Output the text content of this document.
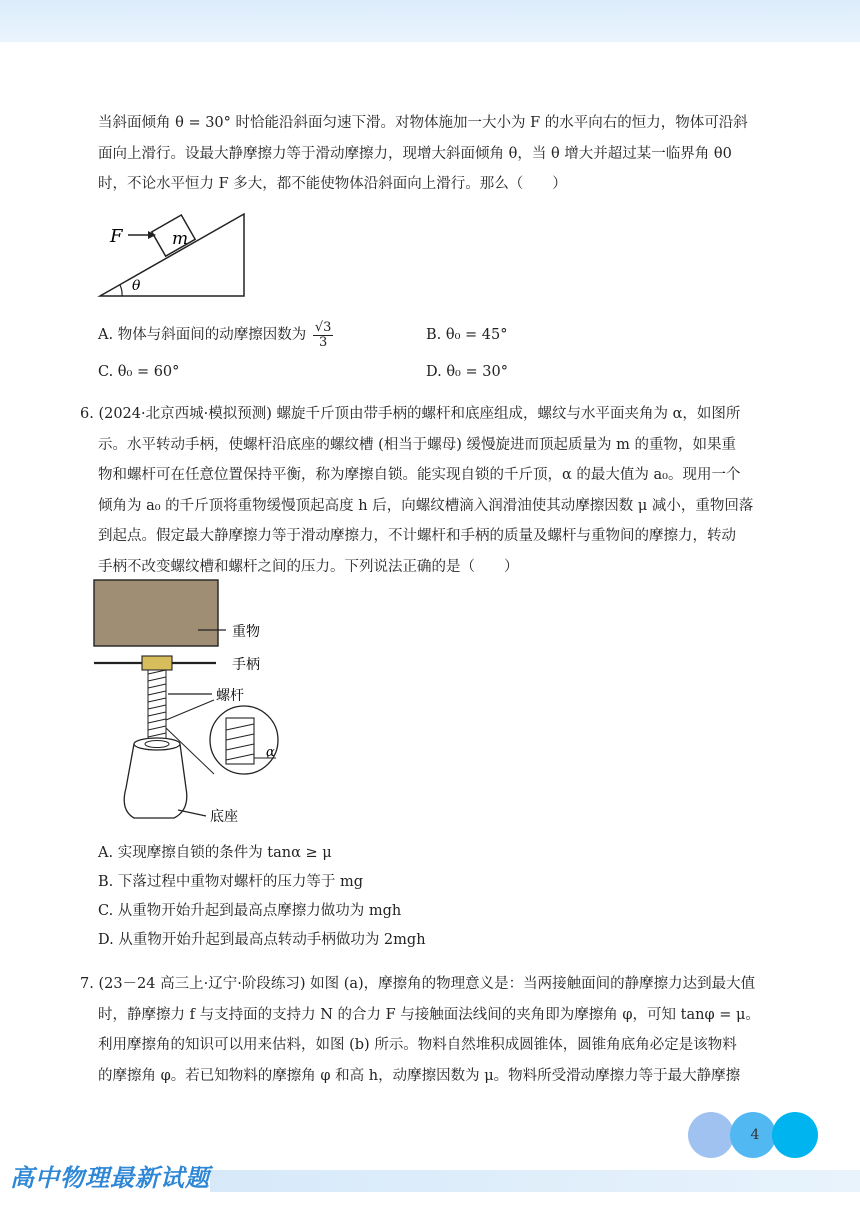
当斜面倾角 θ = 30° 时恰能沿斜面匀速下滑。对物体施加一大小为 F 的水平向右的恒力，物体可沿斜
面向上滑行。设最大静摩擦力等于滑动摩擦力，现增大斜面倾角 θ，当 θ 增大并超过某一临界角 θ0
时，不论水平恒力 F 多大，都不能使物体沿斜面向上滑行。那么（　　）
m
F
θ
A. 物体与斜面间的动摩擦因数为 $\frac{√3}{3}$	B. θ₀ = 45°
C. θ₀ = 60°	D. θ₀ = 30°
6. (2024·北京西城·模拟预测) 螺旋千斤顶由带手柄的螺杆和底座组成，螺纹与水平面夹角为 α，如图所
示。水平转动手柄，使螺杆沿底座的螺纹槽 (相当于螺母) 缓慢旋进而顶起质量为 m 的重物，如果重
物和螺杆可在任意位置保持平衡，称为摩擦自锁。能实现自锁的千斤顶，α 的最大值为 a₀。现用一个
倾角为 a₀ 的千斤顶将重物缓慢顶起高度 h 后，向螺纹槽滴入润滑油使其动摩擦因数 μ 减小，重物回落
到起点。假定最大静摩擦力等于滑动摩擦力，不计螺杆和手柄的质量及螺杆与重物间的摩擦力，转动
手柄不改变螺纹槽和螺杆之间的压力。下列说法正确的是（　　）
重物
手柄
螺杆
底座
α
A. 实现摩擦自锁的条件为 tanα ≥ μ
B. 下落过程中重物对螺杆的压力等于 mg
C. 从重物开始升起到最高点摩擦力做功为 mgh
D. 从重物开始升起到最高点转动手柄做功为 2mgh
7. (23－24 高三上·辽宁·阶段练习) 如图 (a)，摩擦角的物理意义是：当两接触面间的静摩擦力达到最大值
时，静摩擦力 f 与支持面的支持力 N 的合力 F 与接触面法线间的夹角即为摩擦角 φ，可知 tanφ = μ。
利用摩擦角的知识可以用来估料，如图 (b) 所示。物料自然堆积成圆锥体，圆锥角底角必定是该物料
的摩擦角 φ。若已知物料的摩擦角 φ 和高 h，动摩擦因数为 μ。物料所受滑动摩擦力等于最大静摩擦
4
高中物理最新试题
